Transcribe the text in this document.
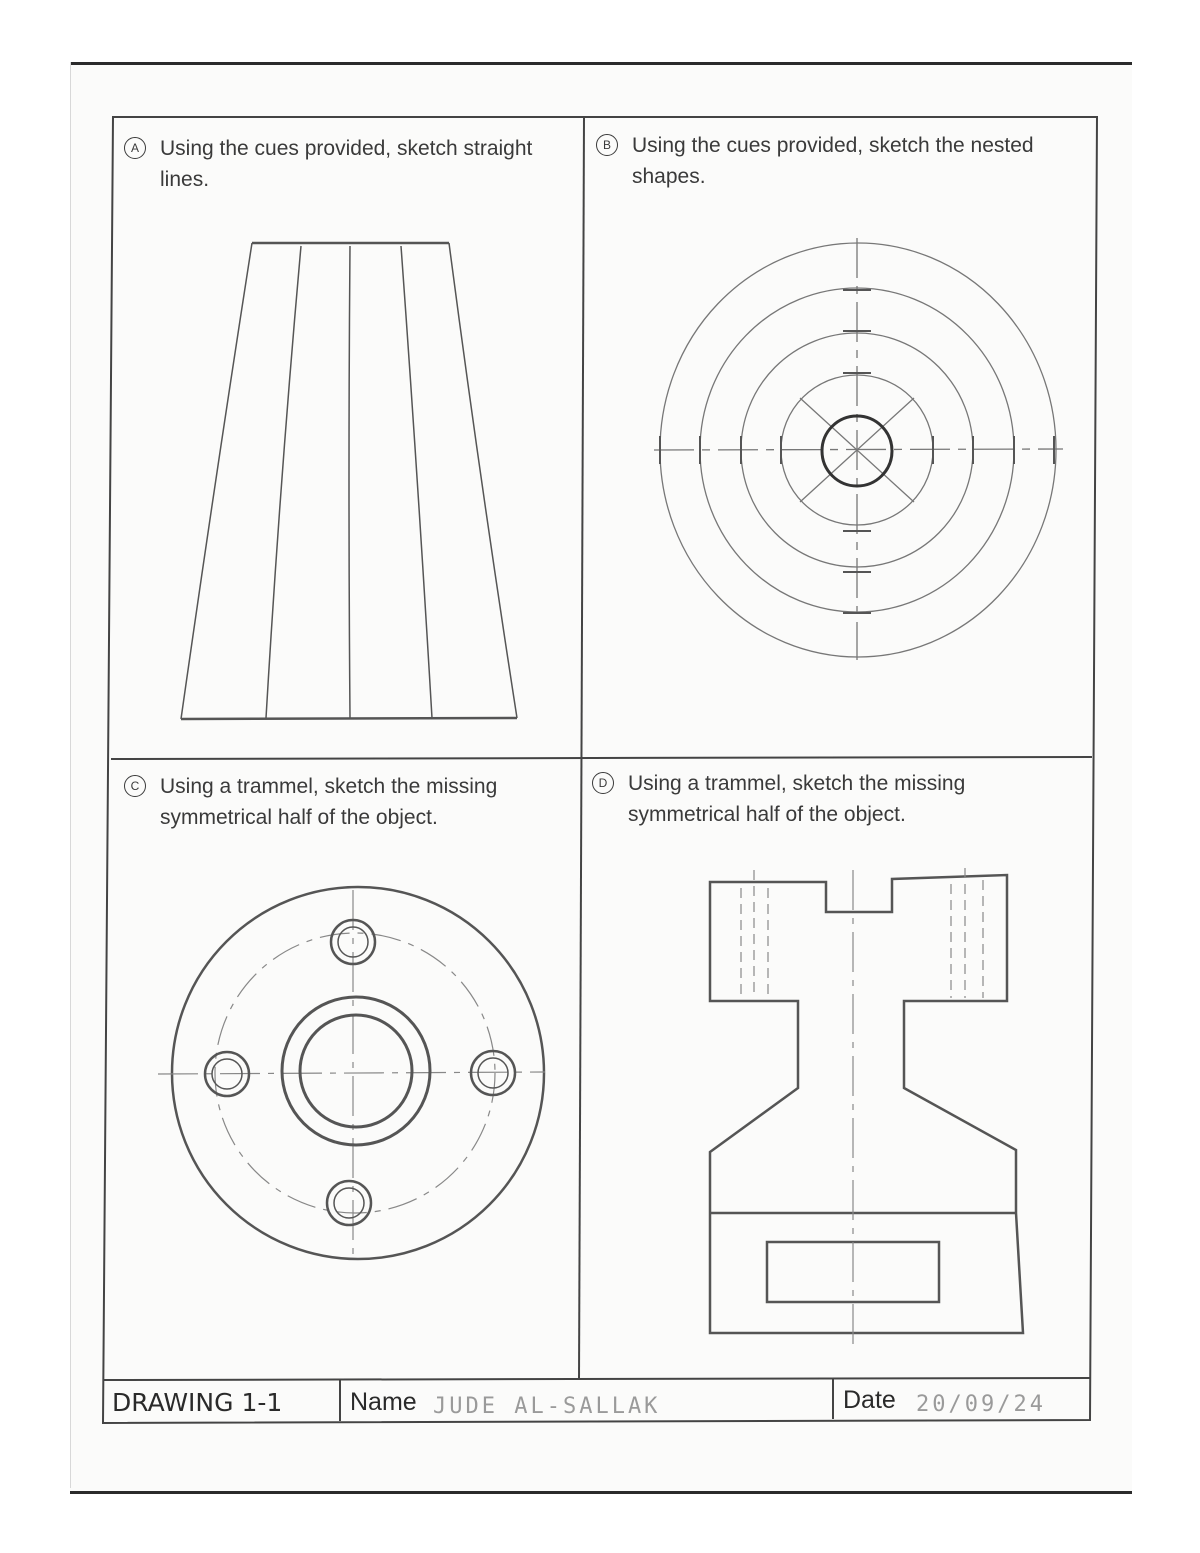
A	Using the cues provided, sketch straight
lines.
B	Using the cues provided, sketch the nested
shapes.
C Using a trammel, sketch the missing
symmetrical half of the object.
D Using a trammel, sketch the missing
symmetrical half of the object.
DRAWING 1-1	Name JUDE AL-SALLAK	Date 20/09/24
